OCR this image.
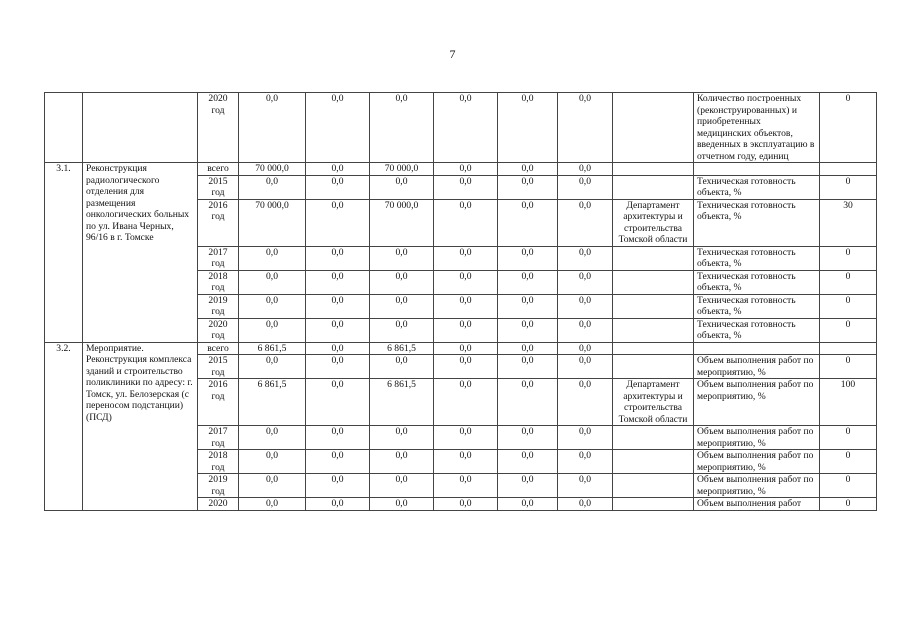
7
		2020 год	0,0	0,0	0,0	0,0	0,0	0,0		Количество построенных (реконструированных) и приобретенных медицинских объектов, введенных в эксплуатацию в отчетном году, единиц	0
3.1.	Реконструкция радиологического отделения для размещения онкологических больных по ул. Ивана Черных, 96/16 в г. Томске	всего	70 000,0	0,0	70 000,0	0,0	0,0	0,0			
		2015 год	0,0	0,0	0,0	0,0	0,0	0,0		Техническая готовность объекта, %	0
		2016 год	70 000,0	0,0	70 000,0	0,0	0,0	0,0	Департамент архитектуры и строительства Томской области	Техническая готовность объекта, %	30
		2017 год	0,0	0,0	0,0	0,0	0,0	0,0		Техническая готовность объекта, %	0
		2018 год	0,0	0,0	0,0	0,0	0,0	0,0		Техническая готовность объекта, %	0
		2019 год	0,0	0,0	0,0	0,0	0,0	0,0		Техническая готовность объекта, %	0
		2020 год	0,0	0,0	0,0	0,0	0,0	0,0		Техническая готовность объекта, %	0
3.2.	Мероприятие. Реконструкция комплекса зданий и строительство поликлиники по адресу: г. Томск, ул. Белозерская (с переносом подстанции) (ПСД)	всего	6 861,5	0,0	6 861,5	0,0	0,0	0,0			
		2015 год	0,0	0,0	0,0	0,0	0,0	0,0		Объем выполнения работ по мероприятию, %	0
		2016 год	6 861,5	0,0	6 861,5	0,0	0,0	0,0	Департамент архитектуры и строительства Томской области	Объем выполнения работ по мероприятию, %	100
		2017 год	0,0	0,0	0,0	0,0	0,0	0,0		Объем выполнения работ по мероприятию, %	0
		2018 год	0,0	0,0	0,0	0,0	0,0	0,0		Объем выполнения работ по мероприятию, %	0
		2019 год	0,0	0,0	0,0	0,0	0,0	0,0		Объем выполнения работ по мероприятию, %	0
		2020	0,0	0,0	0,0	0,0	0,0	0,0		Объем выполнения работ	0
